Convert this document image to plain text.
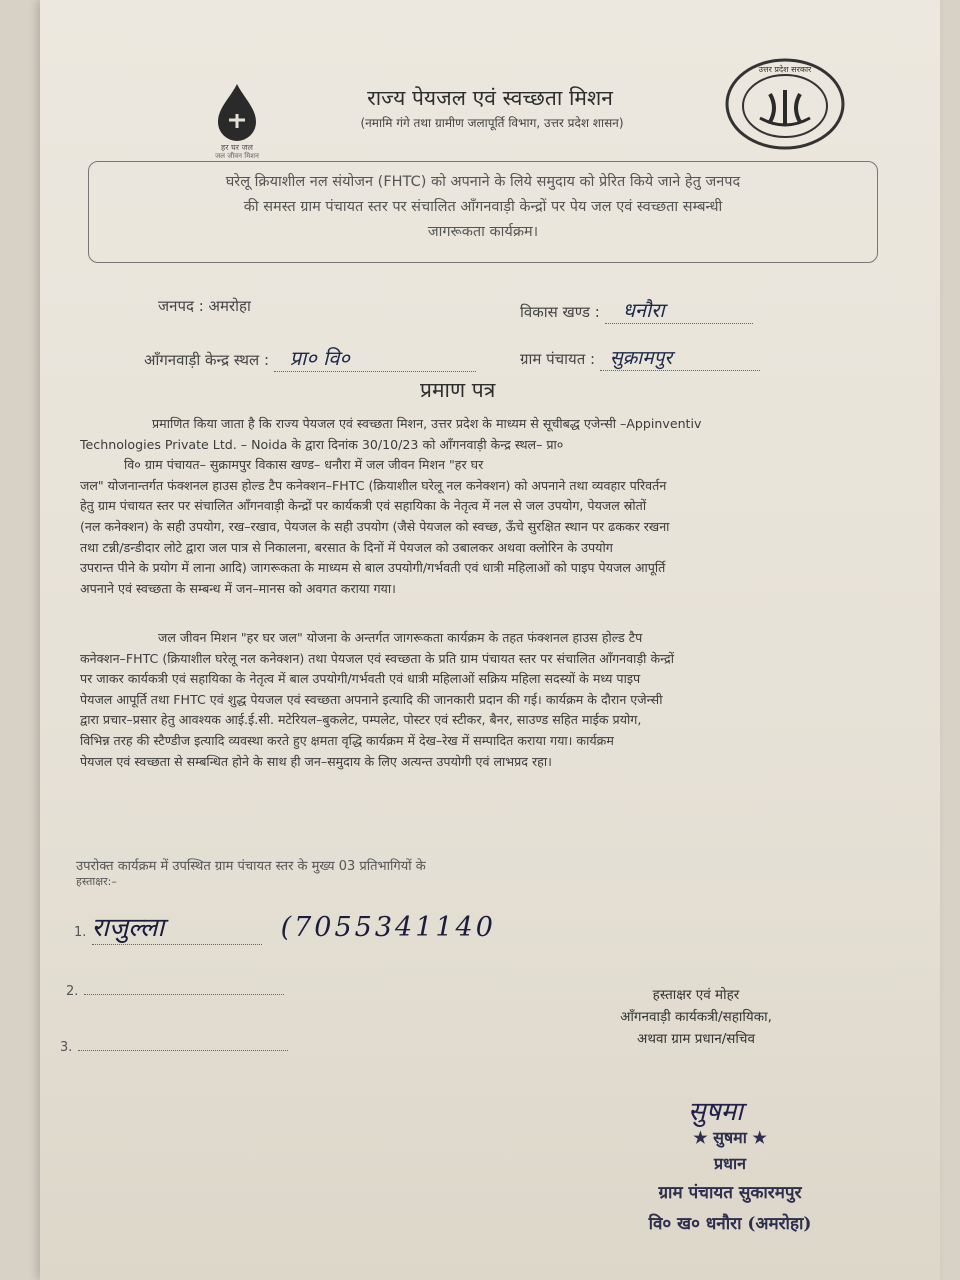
हर घर जल
जल जीवन मिशन
राज्य पेयजल एवं स्वच्छता मिशन
(नमामि गंगे तथा ग्रामीण जलापूर्ति विभाग, उत्तर प्रदेश शासन)
उत्तर प्रदेश सरकार
घरेलू क्रियाशील नल संयोजन (FHTC) को अपनाने के लिये समुदाय को प्रेरित किये जाने हेतु जनपद
की समस्त ग्राम पंचायत स्तर पर संचालित आँगनवाड़ी केन्द्रों पर पेय जल एवं स्वच्छता सम्बन्धी
जागरूकता कार्यक्रम।
जनपद : अमरोहा	विकास खण्ड : धनौरा
आँगनवाड़ी केन्द्र स्थल : प्रा० वि०	ग्राम पंचायत : सुक्रामपुर
प्रमाण पत्र
प्रमाणित किया जाता है कि राज्य पेयजल एवं स्वच्छता मिशन, उत्तर प्रदेश के माध्यम से सूचीबद्ध एजेन्सी –Appinventiv
Technologies Private Ltd. – Noida के द्वारा दिनांक 30/10/23 को आँगनवाड़ी केन्द्र स्थल– प्रा०
वि० ग्राम पंचायत– सुक्रामपुर विकास खण्ड– धनौरा में जल जीवन मिशन "हर घर
जल" योजनान्तर्गत फंक्शनल हाउस होल्ड टैप कनेक्शन–FHTC (क्रियाशील घरेलू नल कनेक्शन) को अपनाने तथा व्यवहार परिवर्तन
हेतु ग्राम पंचायत स्तर पर संचालित आँगनवाड़ी केन्द्रों पर कार्यकत्री एवं सहायिका के नेतृत्व में नल से जल उपयोग, पेयजल स्रोतों
(नल कनेक्शन) के सही उपयोग, रख–रखाव, पेयजल के सही उपयोग (जैसे पेयजल को स्वच्छ, ऊँचे सुरक्षित स्थान पर ढककर रखना
तथा टन्नी/डन्डीदार लोटे द्वारा जल पात्र से निकालना, बरसात के दिनों में पेयजल को उबालकर अथवा क्लोरिन के उपयोग
उपरान्त पीने के प्रयोग में लाना आदि) जागरूकता के माध्यम से बाल उपयोगी/गर्भवती एवं धात्री महिलाओं को पाइप पेयजल आपूर्ति
अपनाने एवं स्वच्छता के सम्बन्ध में जन–मानस को अवगत कराया गया।
जल जीवन मिशन "हर घर जल" योजना के अन्तर्गत जागरूकता कार्यक्रम के तहत फंक्शनल हाउस होल्ड टैप
कनेक्शन–FHTC (क्रियाशील घरेलू नल कनेक्शन) तथा पेयजल एवं स्वच्छता के प्रति ग्राम पंचायत स्तर पर संचालित आँगनवाड़ी केन्द्रों
पर जाकर कार्यकत्री एवं सहायिका के नेतृत्व में बाल उपयोगी/गर्भवती एवं धात्री महिलाओं सक्रिय महिला सदस्यों के मध्य पाइप
पेयजल आपूर्ति तथा FHTC एवं शुद्ध पेयजल एवं स्वच्छता अपनाने इत्यादि की जानकारी प्रदान की गई। कार्यक्रम के दौरान एजेन्सी
द्वारा प्रचार–प्रसार हेतु आवश्यक आई.ई.सी. मटेरियल–बुकलेट, पम्पलेट, पोस्टर एवं स्टीकर, बैनर, साउण्ड सहित माईक प्रयोग,
विभिन्न तरह की स्टैण्डीज इत्यादि व्यवस्था करते हुए क्षमता वृद्धि कार्यक्रम में देख–रेख में सम्पादित कराया गया। कार्यक्रम
पेयजल एवं स्वच्छता से सम्बन्धित होने के साथ ही जन–समुदाय के लिए अत्यन्त उपयोगी एवं लाभप्रद रहा।
उपरोक्त कार्यक्रम में उपस्थित ग्राम पंचायत स्तर के मुख्य 03 प्रतिभागियों के
हस्ताक्षर:–
1. राजुल्ला	(7055341140
2.
3.
हस्ताक्षर एवं मोहर
आँगनवाड़ी कार्यकत्री/सहायिका,
अथवा ग्राम प्रधान/सचिव
सुषमा
★ सुषमा ★
प्रधान
ग्राम पंचायत सुकारमपुर
वि० ख० धनौरा (अमरोहा)
